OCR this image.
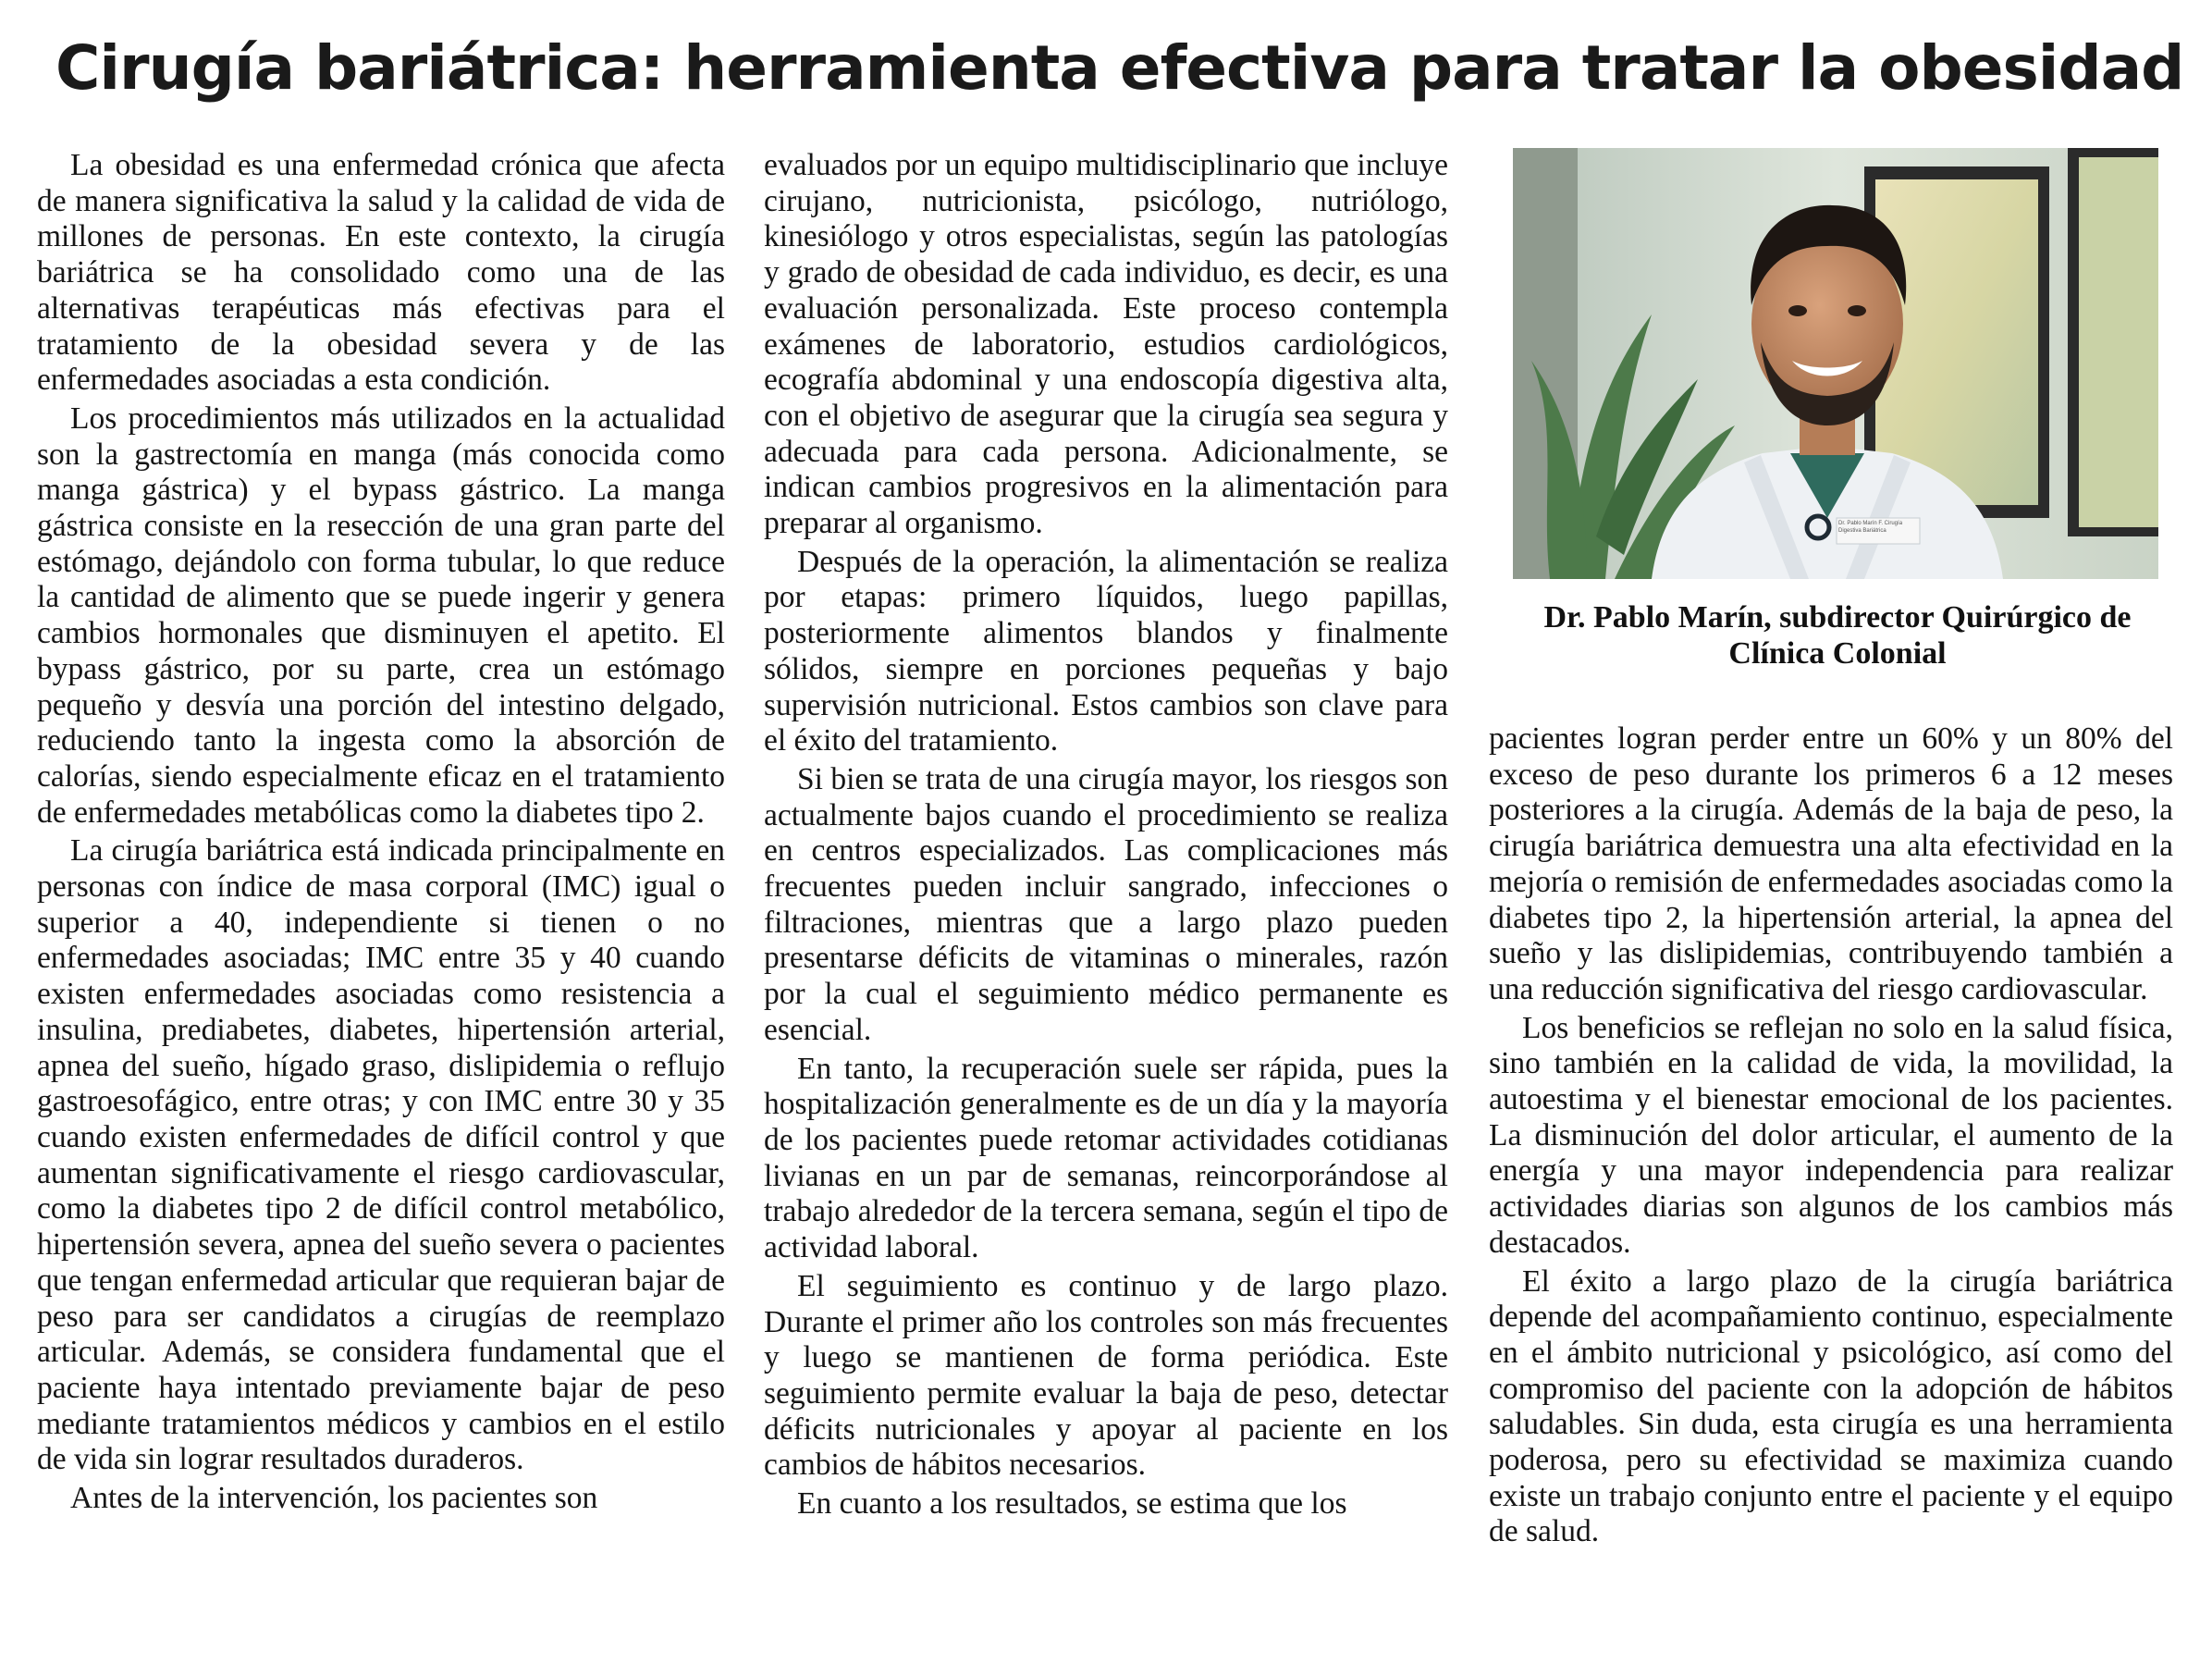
Cirugía bariátrica: herramienta efectiva para tratar la obesidad

La obesidad es una enfermedad crónica que afecta de manera significativa la salud y la calidad de vida de millones de personas. En este contexto, la cirugía bariátrica se ha consolidado como una de las alternativas terapéuticas más efectivas para el tratamiento de la obesidad severa y de las enfermedades asociadas a esta condición.

Los procedimientos más utilizados en la actualidad son la gastrectomía en manga (más conocida como manga gástrica) y el bypass gástrico. La manga gástrica consiste en la resección de una gran parte del estómago, dejándolo con forma tubular, lo que reduce la cantidad de alimento que se puede ingerir y genera cambios hormonales que disminuyen el apetito. El bypass gástrico, por su parte, crea un estómago pequeño y desvía una porción del intestino delgado, reduciendo tanto la ingesta como la absorción de calorías, siendo especialmente eficaz en el tratamiento de enfermedades metabólicas como la diabetes tipo 2.

La cirugía bariátrica está indicada principalmente en personas con índice de masa corporal (IMC) igual o superior a 40, independiente si tienen o no enfermedades asociadas; IMC entre 35 y 40 cuando existen enfermedades asociadas como resistencia a insulina, prediabetes, diabetes, hipertensión arterial, apnea del sueño, hígado graso, dislipidemia o reflujo gastroesofágico, entre otras; y con IMC entre 30 y 35 cuando existen enfermedades de difícil control y que aumentan significativamente el riesgo cardiovascular, como la diabetes tipo 2 de difícil control metabólico, hipertensión severa, apnea del sueño severa o pacientes que tengan enfermedad articular que requieran bajar de peso para ser candidatos a cirugías de reemplazo articular. Además, se considera fundamental que el paciente haya intentado previamente bajar de peso mediante tratamientos médicos y cambios en el estilo de vida sin lograr resultados duraderos.

Antes de la intervención, los pacientes son

evaluados por un equipo multidisciplinario que incluye cirujano, nutricionista, psicólogo, nutriólogo, kinesiólogo y otros especialistas, según las patologías y grado de obesidad de cada individuo, es decir, es una evaluación personalizada. Este proceso contempla exámenes de laboratorio, estudios cardiológicos, ecografía abdominal y una endoscopía digestiva alta, con el objetivo de asegurar que la cirugía sea segura y adecuada para cada persona. Adicionalmente, se indican cambios progresivos en la alimentación para preparar al organismo.

Después de la operación, la alimentación se realiza por etapas: primero líquidos, luego papillas, posteriormente alimentos blandos y finalmente sólidos, siempre en porciones pequeñas y bajo supervisión nutricional. Estos cambios son clave para el éxito del tratamiento.

Si bien se trata de una cirugía mayor, los riesgos son actualmente bajos cuando el procedimiento se realiza en centros especializados. Las complicaciones más frecuentes pueden incluir sangrado, infecciones o filtraciones, mientras que a largo plazo pueden presentarse déficits de vitaminas o minerales, razón por la cual el seguimiento médico permanente es esencial.

En tanto, la recuperación suele ser rápida, pues la hospitalización generalmente es de un día y la mayoría de los pacientes puede retomar actividades cotidianas livianas en un par de semanas, reincorporándose al trabajo alrededor de la tercera semana, según el tipo de actividad laboral.

El seguimiento es continuo y de largo plazo. Durante el primer año los controles son más frecuentes y luego se mantienen de forma periódica. Este seguimiento permite evaluar la baja de peso, detectar déficits nutricionales y apoyar al paciente en los cambios de hábitos necesarios.

En cuanto a los resultados, se estima que los

Dr. Pablo Marín F. Cirugía Digestiva Bariátrica
Dr. Pablo Marín, subdirector Quirúrgico de
Clínica Colonial

pacientes logran perder entre un 60% y un 80% del exceso de peso durante los primeros 6 a 12 meses posteriores a la cirugía. Además de la baja de peso, la cirugía bariátrica demuestra una alta efectividad en la mejoría o remisión de enfermedades asociadas como la diabetes tipo 2, la hipertensión arterial, la apnea del sueño y las dislipidemias, contribuyendo también a una reducción significativa del riesgo cardiovascular.

Los beneficios se reflejan no solo en la salud física, sino también en la calidad de vida, la movilidad, la autoestima y el bienestar emocional de los pacientes. La disminución del dolor articular, el aumento de la energía y una mayor independencia para realizar actividades diarias son algunos de los cambios más destacados.

El éxito a largo plazo de la cirugía bariátrica depende del acompañamiento continuo, especialmente en el ámbito nutricional y psicológico, así como del compromiso del paciente con la adopción de hábitos saludables. Sin duda, esta cirugía es una herramienta poderosa, pero su efectividad se maximiza cuando existe un trabajo conjunto entre el paciente y el equipo de salud.
